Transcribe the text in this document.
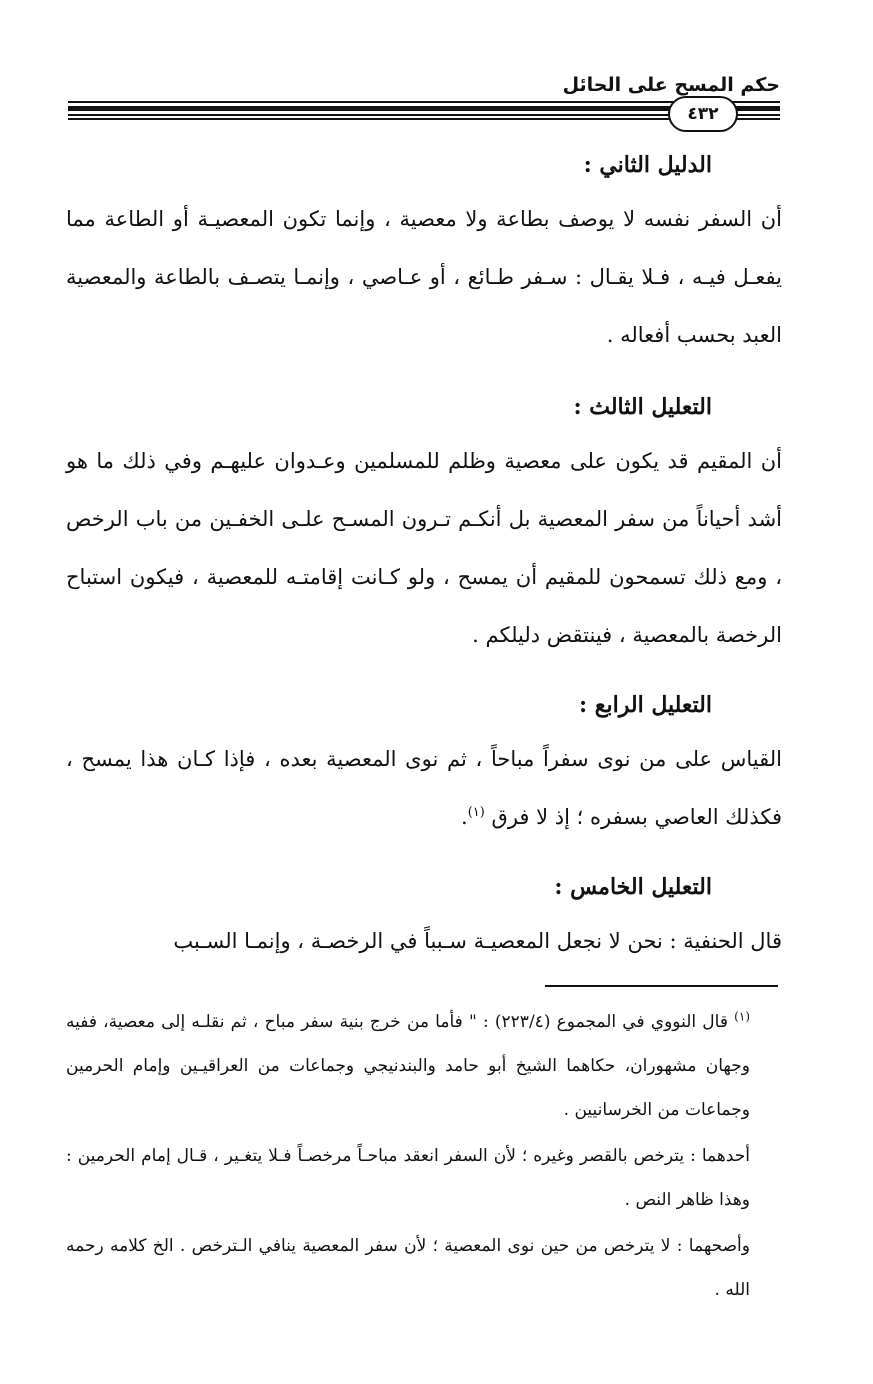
حكم المسح على الحائل
٤٣٢

الدليل الثاني :

أن السفر نفسه لا يوصف بطاعة ولا معصية ، وإنما تكون المعصيـة أو الطاعة مما يفعـل فيـه ، فـلا يقـال : سـفر طـائع ، أو عـاصي ، وإنمـا يتصـف بالطاعة والمعصية العبد بحسب أفعاله .

التعليل الثالث :

أن المقيم قد يكون على معصية وظلم للمسلمين وعـدوان عليهـم وفي ذلك ما هو أشد أحياناً من سفر المعصية بل أنكـم تـرون المسـح علـى الخفـين من باب الرخص ، ومع ذلك تسمحون للمقيم أن يمسح ، ولو كـانت إقامتـه للمعصية ، فيكون استباح الرخصة بالمعصية ، فينتقض دليلكم .

التعليل الرابع :

القياس على من نوى سفراً مباحاً ، ثم نوى المعصية بعده ، فإذا كـان هذا يمسح ، فكذلك العاصي بسفره ؛ إذ لا فرق $^{(١)}$.

التعليل الخامس :

قال الحنفية : نحن لا نجعل المعصيـة سـبباً في الرخصـة ، وإنمـا السـبب

$^{(١)}$ قال النووي في المجموع (٢٢٣/٤) : " فأما من خرج بنية سفر مباح ، ثم نقلـه إلى معصية، ففيه وجهان مشهوران، حكاهما الشيخ أبو حامد والبندنيجي وجماعات من العراقيـين وإمام الحرمين وجماعات من الخرسانيين .

أحدهما : يترخص بالقصر وغيره ؛ لأن السفر انعقد مباحـاً مرخصـاً فـلا يتغـير ، قـال إمام الحرمين : وهذا ظاهر النص .

وأصحهما : لا يترخص من حين نوى المعصية ؛ لأن سفر المعصية ينافي الـترخص . الخ كلامه رحمه الله .
